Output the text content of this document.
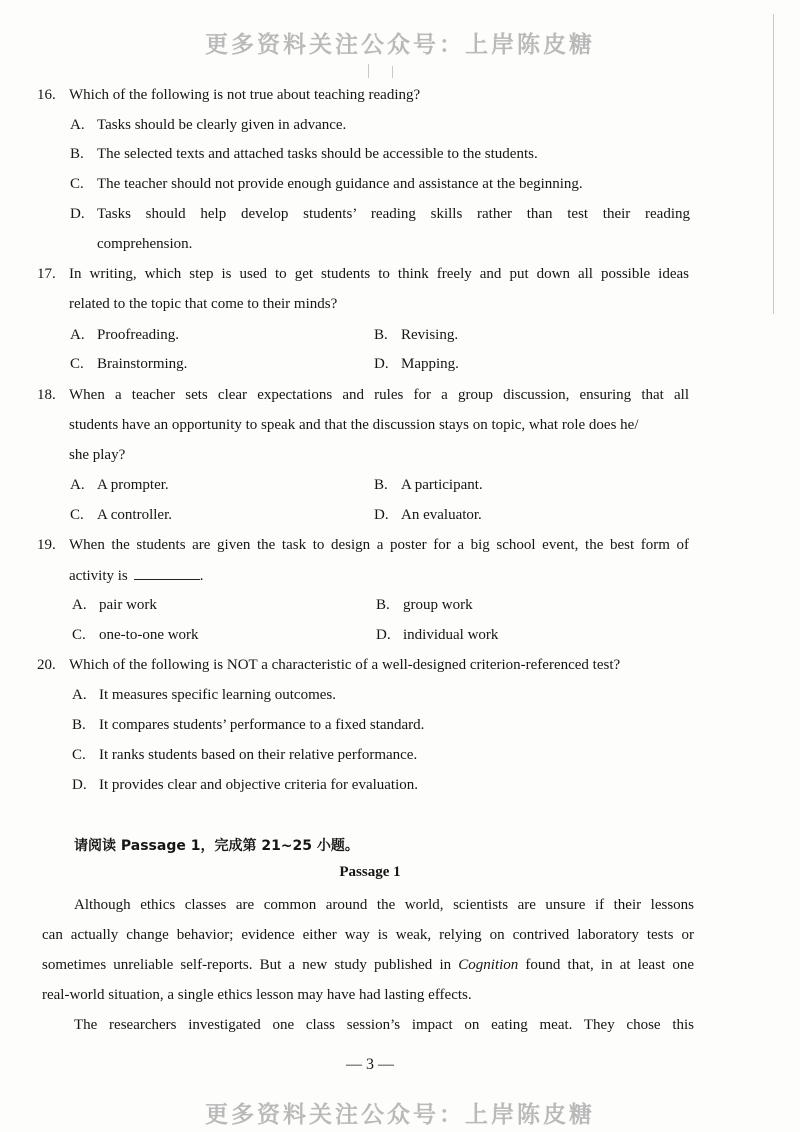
更多资料关注公众号：上岸陈皮糖
更多资料关注公众号：上岸陈皮糖
16. Which of the following is not true about teaching reading?
A. Tasks should be clearly given in advance.
B. The selected texts and attached tasks should be accessible to the students.
C. The teacher should not provide enough guidance and assistance at the beginning.
D. Tasks should help develop students’ reading skills rather than test their reading
comprehension.
17. In writing, which step is used to get students to think freely and put down all possible ideas
related to the topic that come to their minds?
A. Proofreading.	B. Revising.
C. Brainstorming.	D. Mapping.
18. When a teacher sets clear expectations and rules for a group discussion, ensuring that all
students have an opportunity to speak and that the discussion stays on topic, what role does he/
she play?
A. A prompter.	B. A participant.
C. A controller.	D. An evaluator.
19. When the students are given the task to design a poster for a big school event, the best form of
activity is	.
A. pair work	B. group work
C. one-to-one work	D. individual work
20. Which of the following is NOT a characteristic of a well-designed criterion-referenced test?
A. It measures specific learning outcomes.
B. It compares students’ performance to a fixed standard.
C. It ranks students based on their relative performance.
D. It provides clear and objective criteria for evaluation.
请阅读 Passage 1，完成第 21~25 小题。
Passage 1
Although ethics classes are common around the world, scientists are unsure if their lessons
can actually change behavior; evidence either way is weak, relying on contrived laboratory tests or
sometimes unreliable self-reports. But a new study published in Cognition found that, in at least one
real-world situation, a single ethics lesson may have had lasting effects.
The researchers investigated one class session’s impact on eating meat. They chose this
— 3 —
